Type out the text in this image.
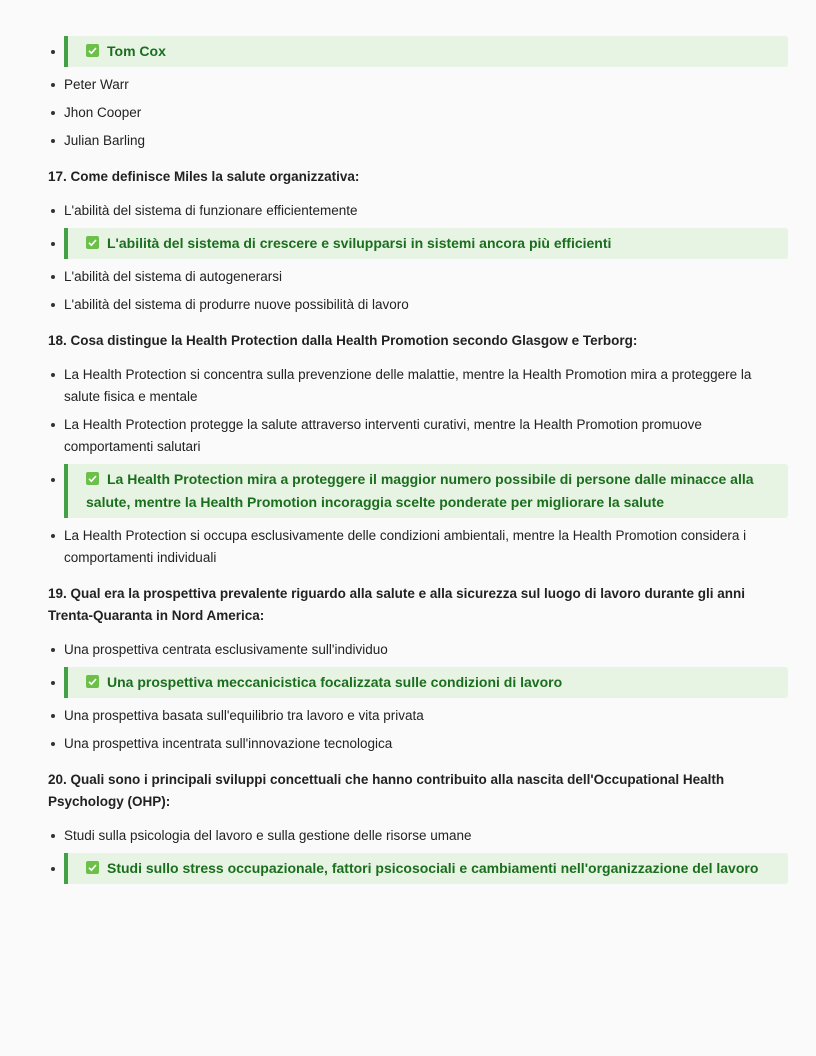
Tom Cox
Peter Warr
Jhon Cooper
Julian Barling
17. Come definisce Miles la salute organizzativa:
L'abilità del sistema di funzionare efficientemente
L'abilità del sistema di crescere e svilupparsi in sistemi ancora più efficienti
L'abilità del sistema di autogenerarsi
L'abilità del sistema di produrre nuove possibilità di lavoro
18. Cosa distingue la Health Protection dalla Health Promotion secondo Glasgow e Terborg:
La Health Protection si concentra sulla prevenzione delle malattie, mentre la Health Promotion mira a proteggere la salute fisica e mentale
La Health Protection protegge la salute attraverso interventi curativi, mentre la Health Promotion promuove comportamenti salutari
La Health Protection mira a proteggere il maggior numero possibile di persone dalle minacce alla salute, mentre la Health Promotion incoraggia scelte ponderate per migliorare la salute
La Health Protection si occupa esclusivamente delle condizioni ambientali, mentre la Health Promotion considera i comportamenti individuali
19. Qual era la prospettiva prevalente riguardo alla salute e alla sicurezza sul luogo di lavoro durante gli anni Trenta-Quaranta in Nord America:
Una prospettiva centrata esclusivamente sull'individuo
Una prospettiva meccanicistica focalizzata sulle condizioni di lavoro
Una prospettiva basata sull'equilibrio tra lavoro e vita privata
Una prospettiva incentrata sull'innovazione tecnologica
20. Quali sono i principali sviluppi concettuali che hanno contribuito alla nascita dell'Occupational Health Psychology (OHP):
Studi sulla psicologia del lavoro e sulla gestione delle risorse umane
Studi sullo stress occupazionale, fattori psicosociali e cambiamenti nell'organizzazione del lavoro
